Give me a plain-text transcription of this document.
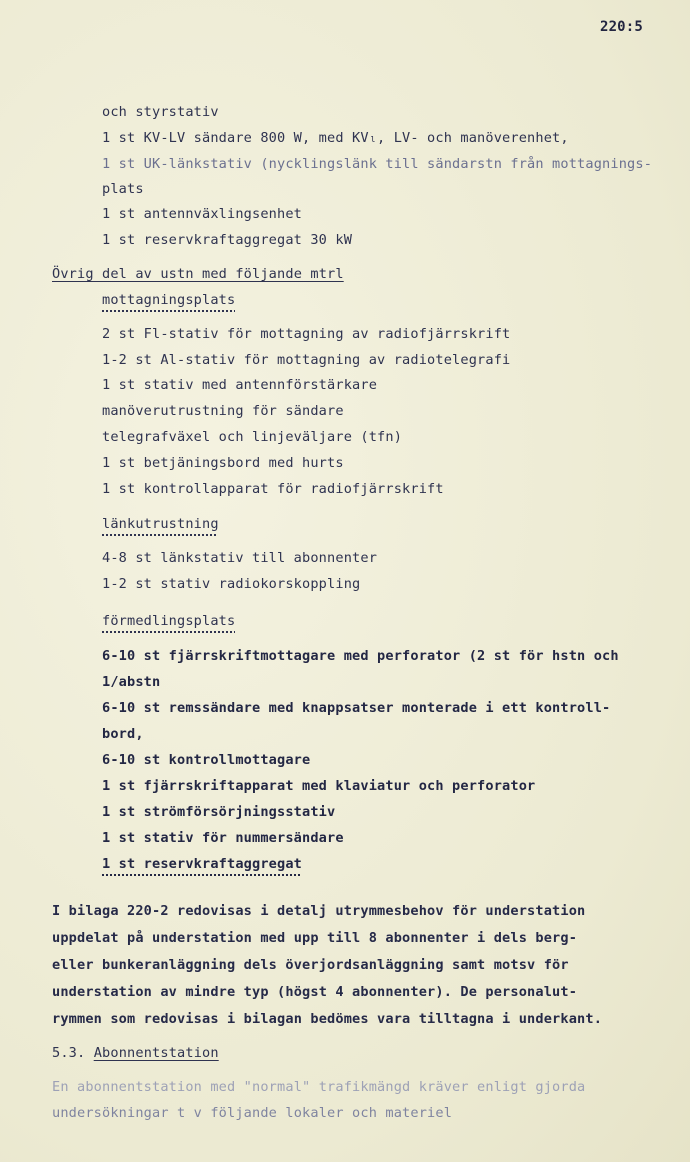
220:5
och styrstativ
1 st KV-LV sändare 800 W, med KVₗ, LV- och manöverenhet,
1 st UK-länkstativ (nycklingslänk till sändarstn från mottagnings-
plats
1 st antennväxlingsenhet
1 st reservkraftaggregat 30 kW
Övrig del av ustn med följande mtrl
mottagningsplats
2 st Fl-stativ för mottagning av radiofjärrskrift
1-2 st Al-stativ för mottagning av radiotelegrafi
1 st stativ med antennförstärkare
manöverutrustning för sändare
telegrafväxel och linjeväljare (tfn)
1 st betjäningsbord med hurts
1 st kontrollapparat för radiofjärrskrift
länkutrustning
4-8 st länkstativ till abonnenter
1-2 st stativ radiokorskoppling
förmedlingsplats
6-10 st fjärrskriftmottagare med perforator (2 st för hstn och
1/abstn
6-10 st remssändare med knappsatser monterade i ett kontroll-
bord,
6-10 st kontrollmottagare
1 st fjärrskriftapparat med klaviatur och perforator
1 st strömförsörjningsstativ
1 st stativ för nummersändare
1 st reservkraftaggregat
I bilaga 220-2 redovisas i detalj utrymmesbehov för understation
uppdelat på understation med upp till 8 abonnenter i dels berg-
eller bunkeranläggning dels överjordsanläggning samt motsv för
understation av mindre typ (högst 4 abonnenter). De personalut-
rymmen som redovisas i bilagan bedömes vara tilltagna i underkant.
5.3. Abonnentstation
En abonnentstation med "normal" trafikmängd kräver enligt gjorda
undersökningar t v följande lokaler och materiel
